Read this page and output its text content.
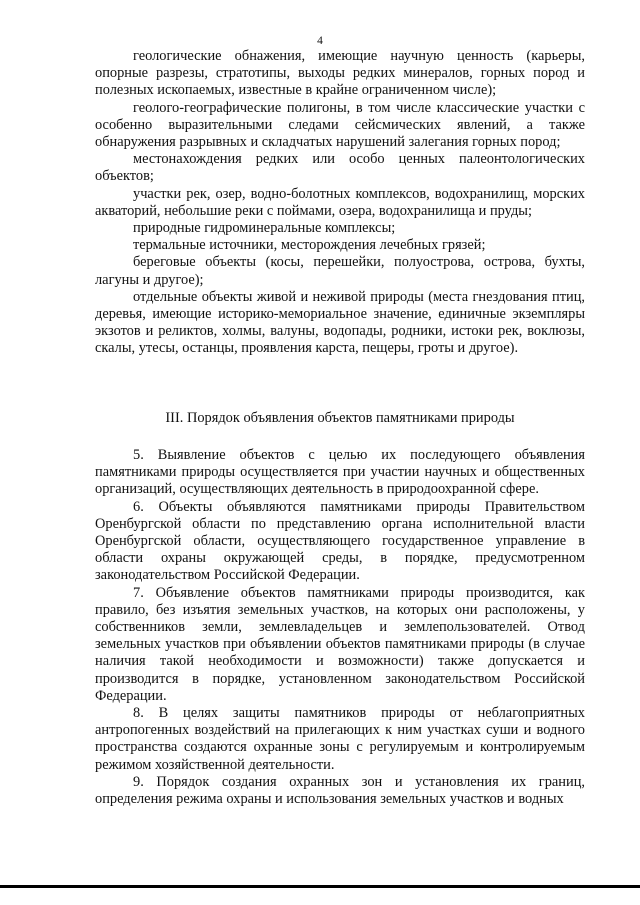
4

геологические обнажения, имеющие научную ценность (карьеры, опорные разрезы, стратотипы, выходы редких минералов, горных пород и полезных ископаемых, известные в крайне ограниченном числе);

геолого-географические полигоны, в том числе классические участки с особенно выразительными следами сейсмических явлений, а также обнаружения разрывных и складчатых нарушений залегания горных пород;

местонахождения редких или особо ценных палеонтологических объектов;

участки рек, озер, водно-болотных комплексов, водохранилищ, морских акваторий, небольшие реки с поймами, озера, водохранилища и пруды;

природные гидроминеральные комплексы;

термальные источники, месторождения лечебных грязей;

береговые объекты (косы, перешейки, полуострова, острова, бухты, лагуны и другое);

отдельные объекты живой и неживой природы (места гнездования птиц, деревья, имеющие историко-мемориальное значение, единичные экземпляры экзотов и реликтов, холмы, валуны, водопады, родники, истоки рек, воклюзы, скалы, утесы, останцы, проявления карста, пещеры, гроты и другое).

III. Порядок объявления объектов памятниками природы

5. Выявление объектов с целью их последующего объявления памятниками природы осуществляется при участии научных и общественных организаций, осуществляющих деятельность в природоохранной сфере.

6. Объекты объявляются памятниками природы Правительством Оренбургской области по представлению органа исполнительной власти Оренбургской области, осуществляющего государственное управление в области охраны окружающей среды, в порядке, предусмотренном законодательством Российской Федерации.

7. Объявление объектов памятниками природы производится, как правило, без изъятия земельных участков, на которых они расположены, у собственников земли, землевладельцев и землепользователей. Отвод земельных участков при объявлении объектов памятниками природы (в случае наличия такой необходимости и возможности) также допускается и производится в порядке, установленном законодательством Российской Федерации.

8. В целях защиты памятников природы от неблагоприятных антропогенных воздействий на прилегающих к ним участках суши и водного пространства создаются охранные зоны с регулируемым и контролируемым режимом хозяйственной деятельности.

9. Порядок создания охранных зон и установления их границ, определения режима охраны и использования земельных участков и водных
